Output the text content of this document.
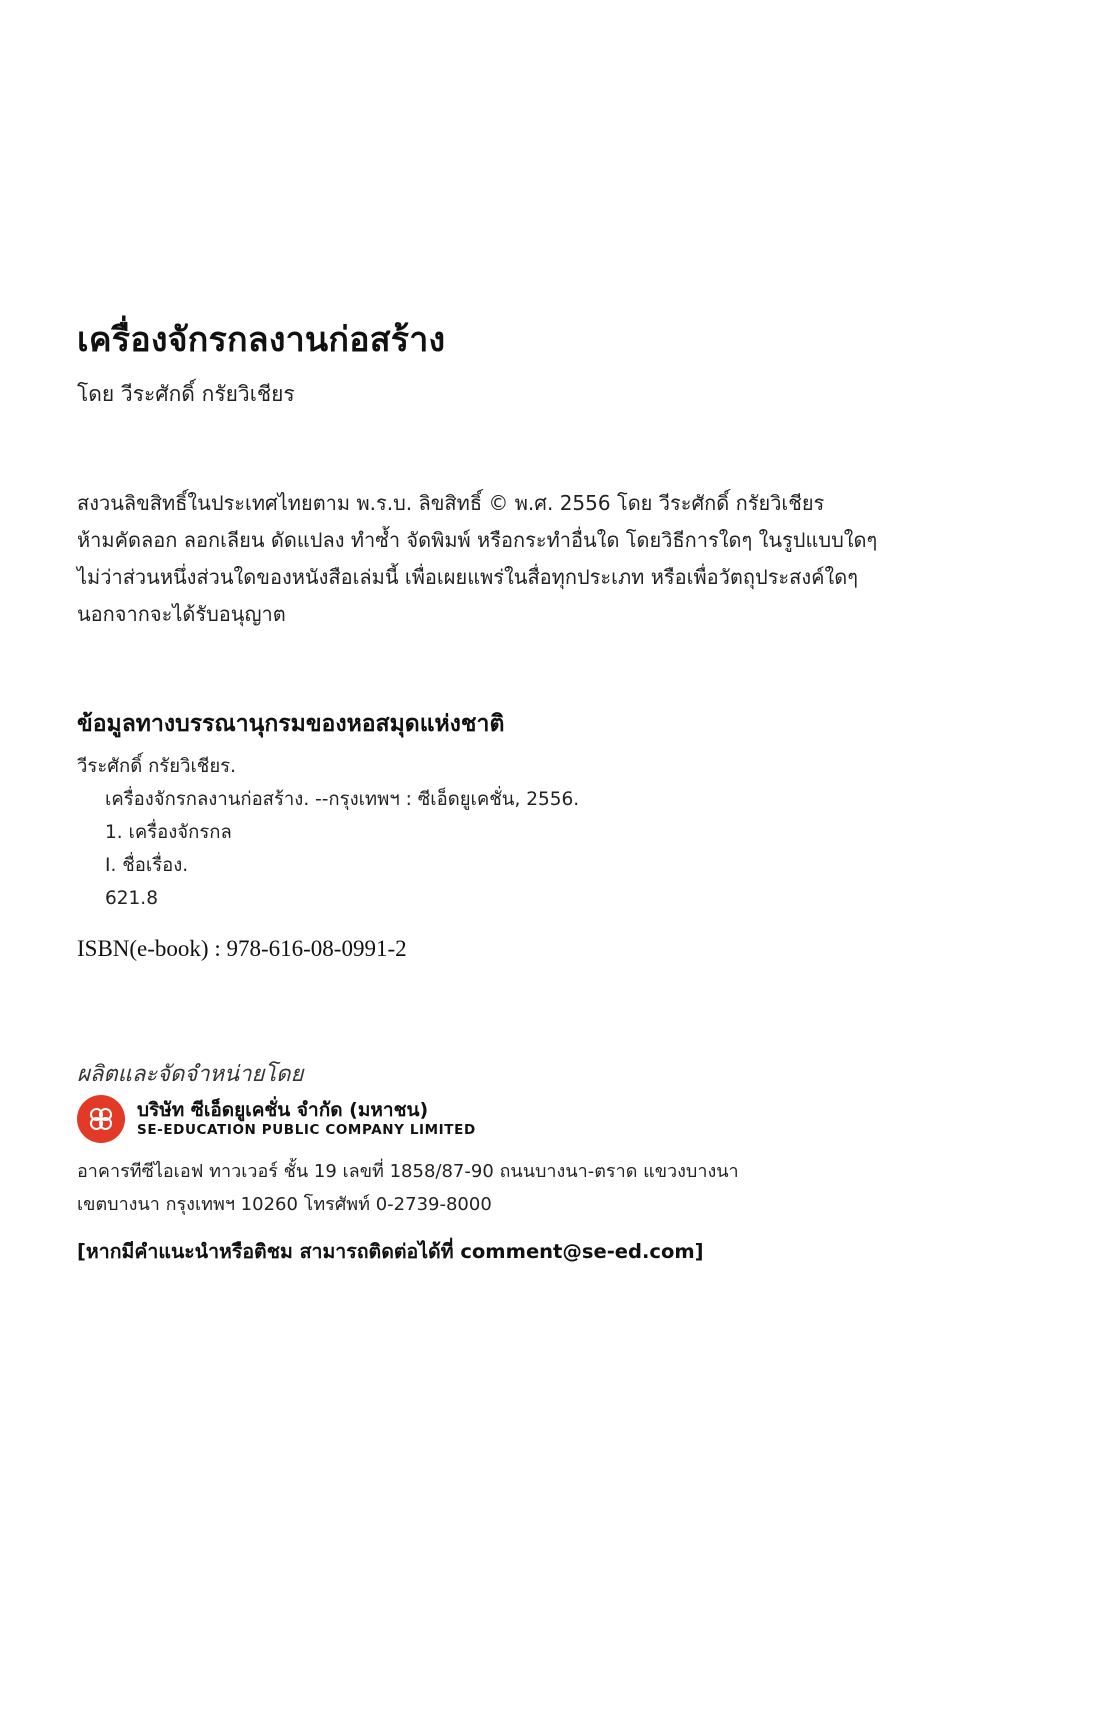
เครื่องจักรกลงานก่อสร้าง
โดย วีระศักดิ์ กรัยวิเชียร
สงวนลิขสิทธิ์ในประเทศไทยตาม พ.ร.บ. ลิขสิทธิ์ © พ.ศ. 2556 โดย วีระศักดิ์ กรัยวิเชียร
ห้ามคัดลอก ลอกเลียน ดัดแปลง ทำซ้ำ จัดพิมพ์ หรือกระทำอื่นใด โดยวิธีการใดๆ ในรูปแบบใดๆ
ไม่ว่าส่วนหนึ่งส่วนใดของหนังสือเล่มนี้ เพื่อเผยแพร่ในสื่อทุกประเภท หรือเพื่อวัตถุประสงค์ใดๆ
นอกจากจะได้รับอนุญาต
ข้อมูลทางบรรณานุกรมของหอสมุดแห่งชาติ
วีระศักดิ์ กรัยวิเชียร.
เครื่องจักรกลงานก่อสร้าง. --กรุงเทพฯ : ซีเอ็ดยูเคชั่น, 2556.
1. เครื่องจักรกล
I. ชื่อเรื่อง.
621.8
ISBN(e-book) : 978-616-08-0991-2
ผลิตและจัดจำหน่ายโดย
บริษัท ซีเอ็ดยูเคชั่น จำกัด (มหาชน)
SE-EDUCATION PUBLIC COMPANY LIMITED
อาคารทีซีไอเอฟ ทาวเวอร์ ชั้น 19 เลขที่ 1858/87-90 ถนนบางนา-ตราด แขวงบางนา
เขตบางนา กรุงเทพฯ 10260 โทรศัพท์ 0-2739-8000
[หากมีคำแนะนำหรือติชม สามารถติดต่อได้ที่ comment@se-ed.com]
